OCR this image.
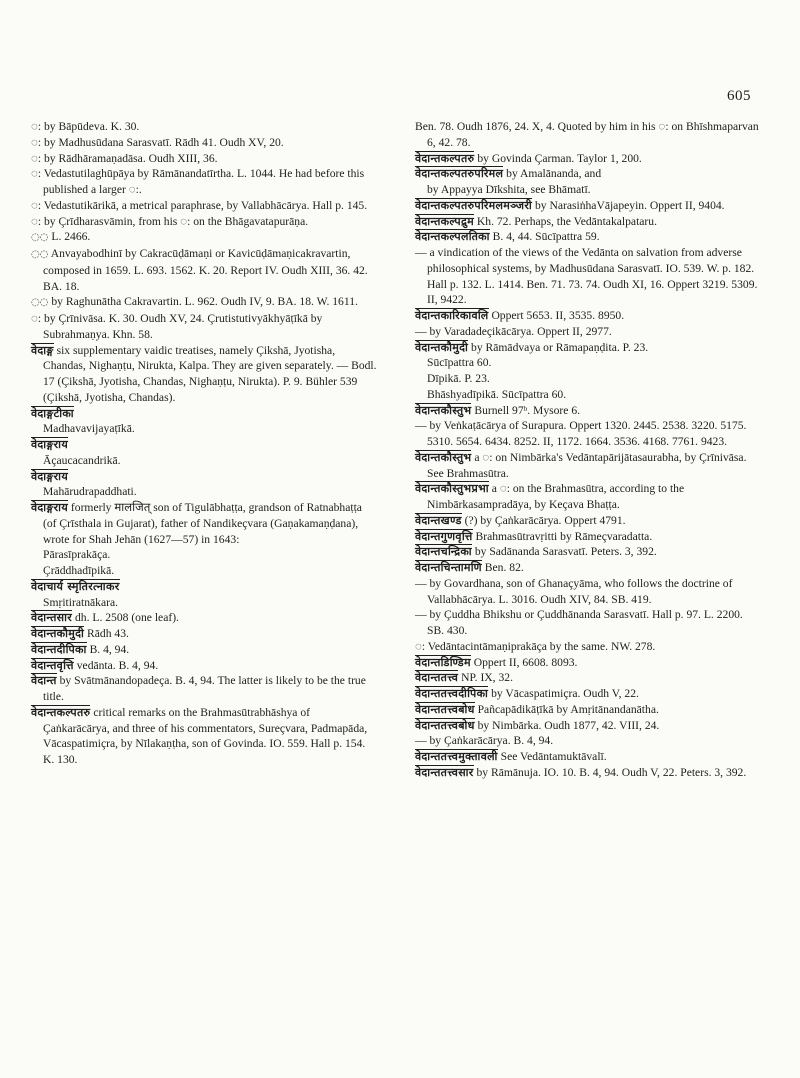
605

◌: by Bāpūdeva. K. 30.

◌: by Madhusūdana Sarasvatī. Rādh 41. Oudh XV, 20.

◌: by Rādhāramaṇadāsa. Oudh XIII, 36.

◌: Vedastutilaghūpāya by Rāmānandatīrtha. L. 1044. He had before this published a larger ◌:.

◌: Vedastutikārikā, a metrical paraphrase, by Vallabhācārya. Hall p. 145.

◌: by Çrīdharasvāmin, from his ◌: on the Bhāgavatapurāṇa.

◌◌ L. 2466.

◌◌ Anvayabodhinī by Cakracūḍāmaṇi or Kavicūḍāmaṇicakravartin, composed in 1659. L. 693. 1562. K. 20. Report IV. Oudh XIII, 36. 42. BA. 18.

◌◌ by Raghunātha Cakravartin. L. 962. Oudh IV, 9. BA. 18. W. 1611.

◌: by Çrīnivāsa. K. 30. Oudh XV, 24. Çrutistutivyākhyāṭīkā by Subrahmaṇya. Khn. 58.

वेदाङ्ग six supplementary vaidic treatises, namely Çikshā, Jyotisha, Chandas, Nighaṇṭu, Nirukta, Kalpa. They are given separately. — Bodl. 17 (Çikshā, Jyotisha, Chandas, Nighaṇṭu, Nirukta). P. 9. Bühler 539 (Çikshā, Jyotisha, Chandas).

वेदाङ्गटीका

Madhavavijayaṭīkā.

वेदाङ्गराय

Āçaucacandrikā.

वेदाङ्गराय

Mahārudrapaddhati.

वेदाङ्गराय formerly मालजित् son of Tigulābhaṭṭa, grandson of Ratnabhaṭṭa (of Çrīsthala in Gujarat), father of Nandikeçvara (Gaṇakamaṇḍana), wrote for Shah Jehān (1627—57) in 1643:

Pārasīprakāça.

Çrāddhadīpikā.

वेदाचार्य स्मृतिरत्नाकर

Smṛitiratnākara.

वेदान्तसार dh. L. 2508 (one leaf).

वेदान्तकौमुदी Rādh 43.

वेदान्तदीपिका B. 4, 94.

वेदान्तवृत्ति vedānta. B. 4, 94.

वेदान्त by Svātmānandopadeça. B. 4, 94. The latter is likely to be the true title.

वेदान्तकल्पतरु critical remarks on the Brahmasūtrabhāshya of Çaṅkarācārya, and three of his commentators, Sureçvara, Padmapāda, Vācaspatimiçra, by Nīlakaṇṭha, son of Govinda. IO. 559. Hall p. 154. K. 130.

Ben. 78. Oudh 1876, 24. X, 4. Quoted by him in his ◌: on Bhīshmaparvan 6, 42. 78.

वेदान्तकल्पतरु by Govinda Çarman. Taylor 1, 200.

वेदान्तकल्पतरुपरिमल by Amalānanda, and

by Appayya Dīkshita, see Bhāmatī.

वेदान्तकल्पतरुपरिमलमञ्जरी by NarasiṅhaVājapeyin. Oppert II, 9404.

वेदान्तकल्पद्रुम Kh. 72. Perhaps, the Vedāntakalpataru.

वेदान्तकल्पलतिका B. 4, 44. Sūcīpattra 59.

— a vindication of the views of the Vedānta on salvation from adverse philosophical systems, by Madhusūdana Sarasvatī. IO. 539. W. p. 182. Hall p. 132. L. 1414. Ben. 71. 73. 74. Oudh XI, 16. Oppert 3219. 5309. II, 9422.

वेदान्तकारिकावलि Oppert 5653. II, 3535. 8950.

— by Varadadeçikācārya. Oppert II, 2977.

वेदान्तकौमुदी by Rāmādvaya or Rāmapaṇḍita. P. 23.

Sūcīpattra 60.

Dīpikā. P. 23.

Bhāshyadīpikā. Sūcīpattra 60.

वेदान्तकौस्तुभ Burnell 97ᵇ. Mysore 6.

— by Veṅkaṭācārya of Surapura. Oppert 1320. 2445. 2538. 3220. 5175. 5310. 5654. 6434. 8252. II, 1172. 1664. 3536. 4168. 7761. 9423.

वेदान्तकौस्तुभ a ◌: on Nimbārka's Vedāntapārijātasaurabha, by Çrīnivāsa. See Brahmasūtra.

वेदान्तकौस्तुभप्रभा a ◌: on the Brahmasūtra, according to the Nimbārkasampradāya, by Keçava Bhaṭṭa.

वेदान्तखण्ड (?) by Çaṅkarācārya. Oppert 4791.

वेदान्तगुणवृत्ति Brahmasūtravṛitti by Rāmeçvaradatta.

वेदान्तचन्द्रिका by Sadānanda Sarasvatī. Peters. 3, 392.

वेदान्तचिन्तामणि Ben. 82.

— by Govardhana, son of Ghanaçyāma, who follows the doctrine of Vallabhācārya. L. 3016. Oudh XIV, 84. SB. 419.

— by Çuddha Bhikshu or Çuddhānanda Sarasvatī. Hall p. 97. L. 2200. SB. 430.

◌: Vedāntacintāmaṇiprakāça by the same. NW. 278.

वेदान्तडिण्डिम Oppert II, 6608. 8093.

वेदान्ततत्त्व NP. IX, 32.

वेदान्ततत्त्वदीपिका by Vācaspatimiçra. Oudh V, 22.

वेदान्ततत्त्वबोध Pañcapādikāṭīkā by Amṛitānandanātha.

वेदान्ततत्त्वबोध by Nimbārka. Oudh 1877, 42. VIII, 24.

— by Çaṅkarācārya. B. 4, 94.

वेदान्ततत्त्वमुक्तावली See Vedāntamuktāvalī.

वेदान्ततत्त्वसार by Rāmānuja. IO. 10. B. 4, 94. Oudh V, 22. Peters. 3, 392.
